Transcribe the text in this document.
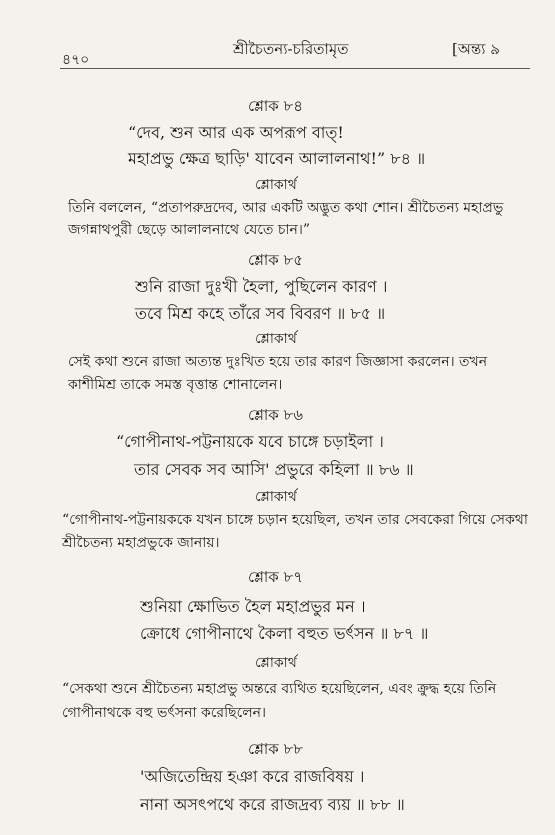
৪৭০
শ্রীচৈতন্য-চরিতামৃত	[অন্ত্য ৯
শ্লোক ৮৪
“দেব, শুন আর এক অপরূপ বাত্!
মহাপ্রভু ক্ষেত্র ছাড়ি' যাবেন আলালনাথ!” ৮৪ ॥
শ্লোকার্থ
তিনি বললেন, “প্রতাপরুদ্রদেব, আর একটি অদ্ভুত কথা শোন। শ্রীচৈতন্য মহাপ্রভু
জগন্নাথপুরী ছেড়ে আলালনাথে যেতে চান।”
শ্লোক ৮৫
শুনি রাজা দুঃখী হৈলা, পুছিলেন কারণ ।
তবে মিশ্র কহে তাঁরে সব বিবরণ ॥ ৮৫ ॥
শ্লোকার্থ
সেই কথা শুনে রাজা অত্যন্ত দুঃখিত হয়ে তার কারণ জিজ্ঞাসা করলেন। তখন
কাশীমিশ্র তাকে সমস্ত বৃত্তান্ত শোনালেন।
শ্লোক ৮৬
“গোপীনাথ-পট্টনায়কে যবে চাঙ্গে চড়াইলা ।
তার সেবক সব আসি' প্রভুরে কহিলা ॥ ৮৬ ॥
শ্লোকার্থ
“গোপীনাথ-পট্টনায়ককে যখন চাঙ্গে চড়ান হয়েছিল, তখন তার সেবকেরা গিয়ে সেকথা
শ্রীচৈতন্য মহাপ্রভুকে জানায়।
শ্লোক ৮৭
শুনিয়া ক্ষোভিত হৈল মহাপ্রভুর মন ।
ক্রোধে গোপীনাথে কৈলা বহুত ভর্ৎসন ॥ ৮৭ ॥
শ্লোকার্থ
“সেকথা শুনে শ্রীচৈতন্য মহাপ্রভু অন্তরে ব্যথিত হয়েছিলেন, এবং ক্রুদ্ধ হয়ে তিনি
গোপীনাথকে বহু ভর্ৎসনা করেছিলেন।
শ্লোক ৮৮
'অজিতেন্দ্রিয় হঞা করে রাজবিষয় ।
নানা অসৎপথে করে রাজদ্রব্য ব্যয় ॥ ৮৮ ॥
